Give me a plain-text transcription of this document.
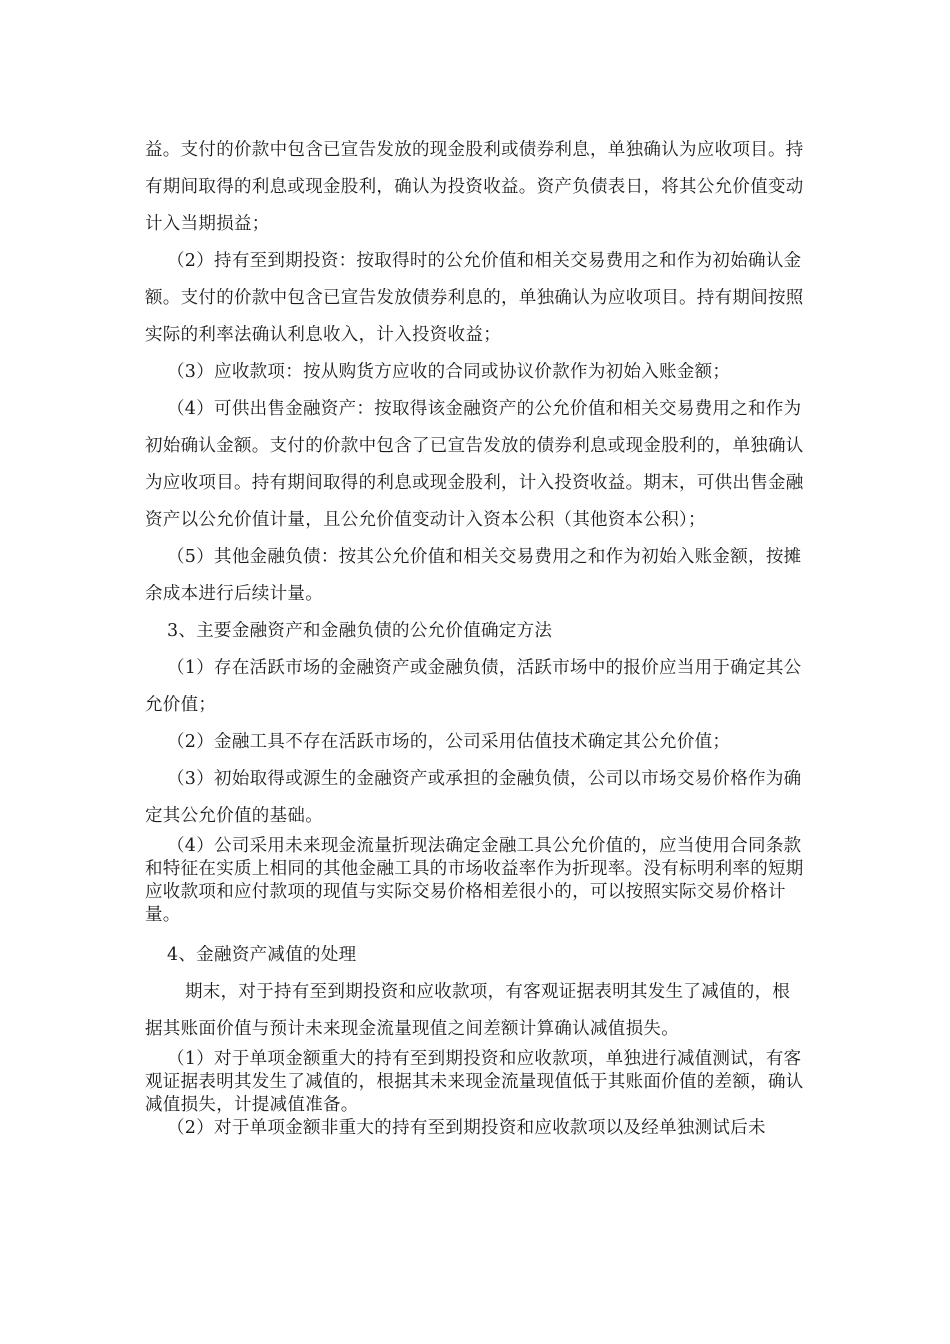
益。支付的价款中包含已宣告发放的现金股利或债券利息，单独确认为应收项目。持有期间取得的利息或现金股利，确认为投资收益。资产负债表日，将其公允价值变动计入当期损益；

（2）持有至到期投资：按取得时的公允价值和相关交易费用之和作为初始确认金额。支付的价款中包含已宣告发放债券利息的，单独确认为应收项目。持有期间按照实际的利率法确认利息收入，计入投资收益；

（3）应收款项：按从购货方应收的合同或协议价款作为初始入账金额；

（4）可供出售金融资产：按取得该金融资产的公允价值和相关交易费用之和作为初始确认金额。支付的价款中包含了已宣告发放的债券利息或现金股利的，单独确认为应收项目。持有期间取得的利息或现金股利，计入投资收益。期末，可供出售金融资产以公允价值计量，且公允价值变动计入资本公积（其他资本公积）；

（5）其他金融负债：按其公允价值和相关交易费用之和作为初始入账金额，按摊余成本进行后续计量。

3、主要金融资产和金融负债的公允价值确定方法

（1）存在活跃市场的金融资产或金融负债，活跃市场中的报价应当用于确定其公允价值；

（2）金融工具不存在活跃市场的，公司采用估值技术确定其公允价值；

（3）初始取得或源生的金融资产或承担的金融负债，公司以市场交易价格作为确定其公允价值的基础。

（4）公司采用未来现金流量折现法确定金融工具公允价值的，应当使用合同条款和特征在实质上相同的其他金融工具的市场收益率作为折现率。没有标明利率的短期应收款项和应付款项的现值与实际交易价格相差很小的，可以按照实际交易价格计量。

4、金融资产减值的处理

期末，对于持有至到期投资和应收款项，有客观证据表明其发生了减值的，根据其账面价值与预计未来现金流量现值之间差额计算确认减值损失。

（1）对于单项金额重大的持有至到期投资和应收款项，单独进行减值测试，有客观证据表明其发生了减值的，根据其未来现金流量现值低于其账面价值的差额，确认减值损失，计提减值准备。

（2）对于单项金额非重大的持有至到期投资和应收款项以及经单独测试后未
